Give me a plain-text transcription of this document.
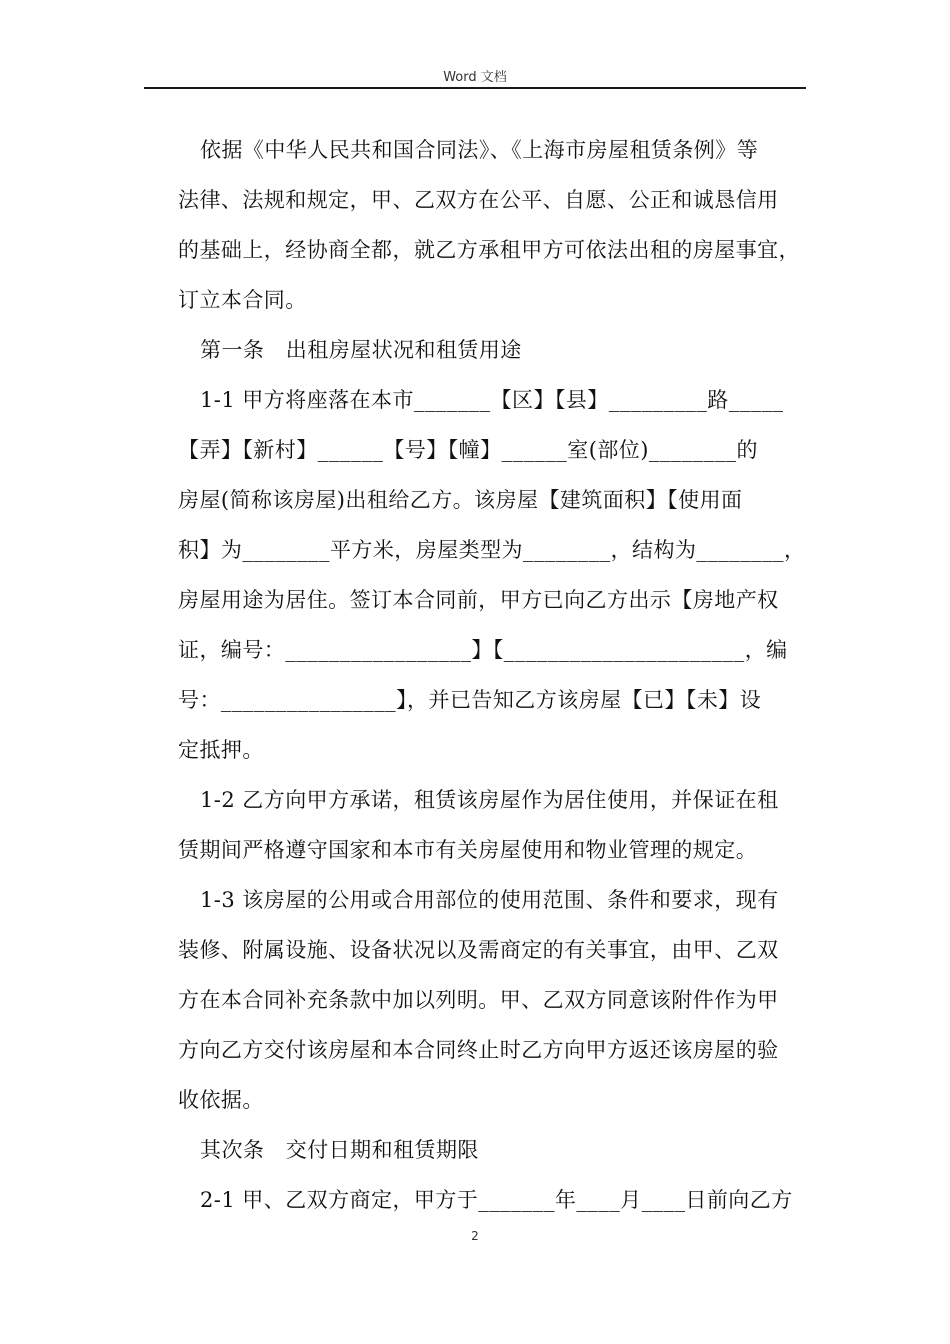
Word 文档
依据《中华人民共和国合同法》、《上海市房屋租赁条例》等
法律、法规和规定，甲、乙双方在公平、自愿、公正和诚恳信用
的基础上，经协商全都，就乙方承租甲方可依法出租的房屋事宜，
订立本合同。
第一条　出租房屋状况和租赁用途
1-1 甲方将座落在本市_______【区】【县】_________路_____
【弄】【新村】______【号】【幢】______室(部位)________的
房屋(简称该房屋)出租给乙方。该房屋【建筑面积】【使用面
积】为________平方米，房屋类型为________，结构为________，
房屋用途为居住。签订本合同前，甲方已向乙方出示【房地产权
证，编号：_________________】【______________________，编
号：________________】，并已告知乙方该房屋【已】【未】设
定抵押。
1-2 乙方向甲方承诺，租赁该房屋作为居住使用，并保证在租
赁期间严格遵守国家和本市有关房屋使用和物业管理的规定。
1-3 该房屋的公用或合用部位的使用范围、条件和要求，现有
装修、附属设施、设备状况以及需商定的有关事宜，由甲、乙双
方在本合同补充条款中加以列明。甲、乙双方同意该附件作为甲
方向乙方交付该房屋和本合同终止时乙方向甲方返还该房屋的验
收依据。
其次条　交付日期和租赁期限
2-1 甲、乙双方商定，甲方于_______年____月____日前向乙方
2
